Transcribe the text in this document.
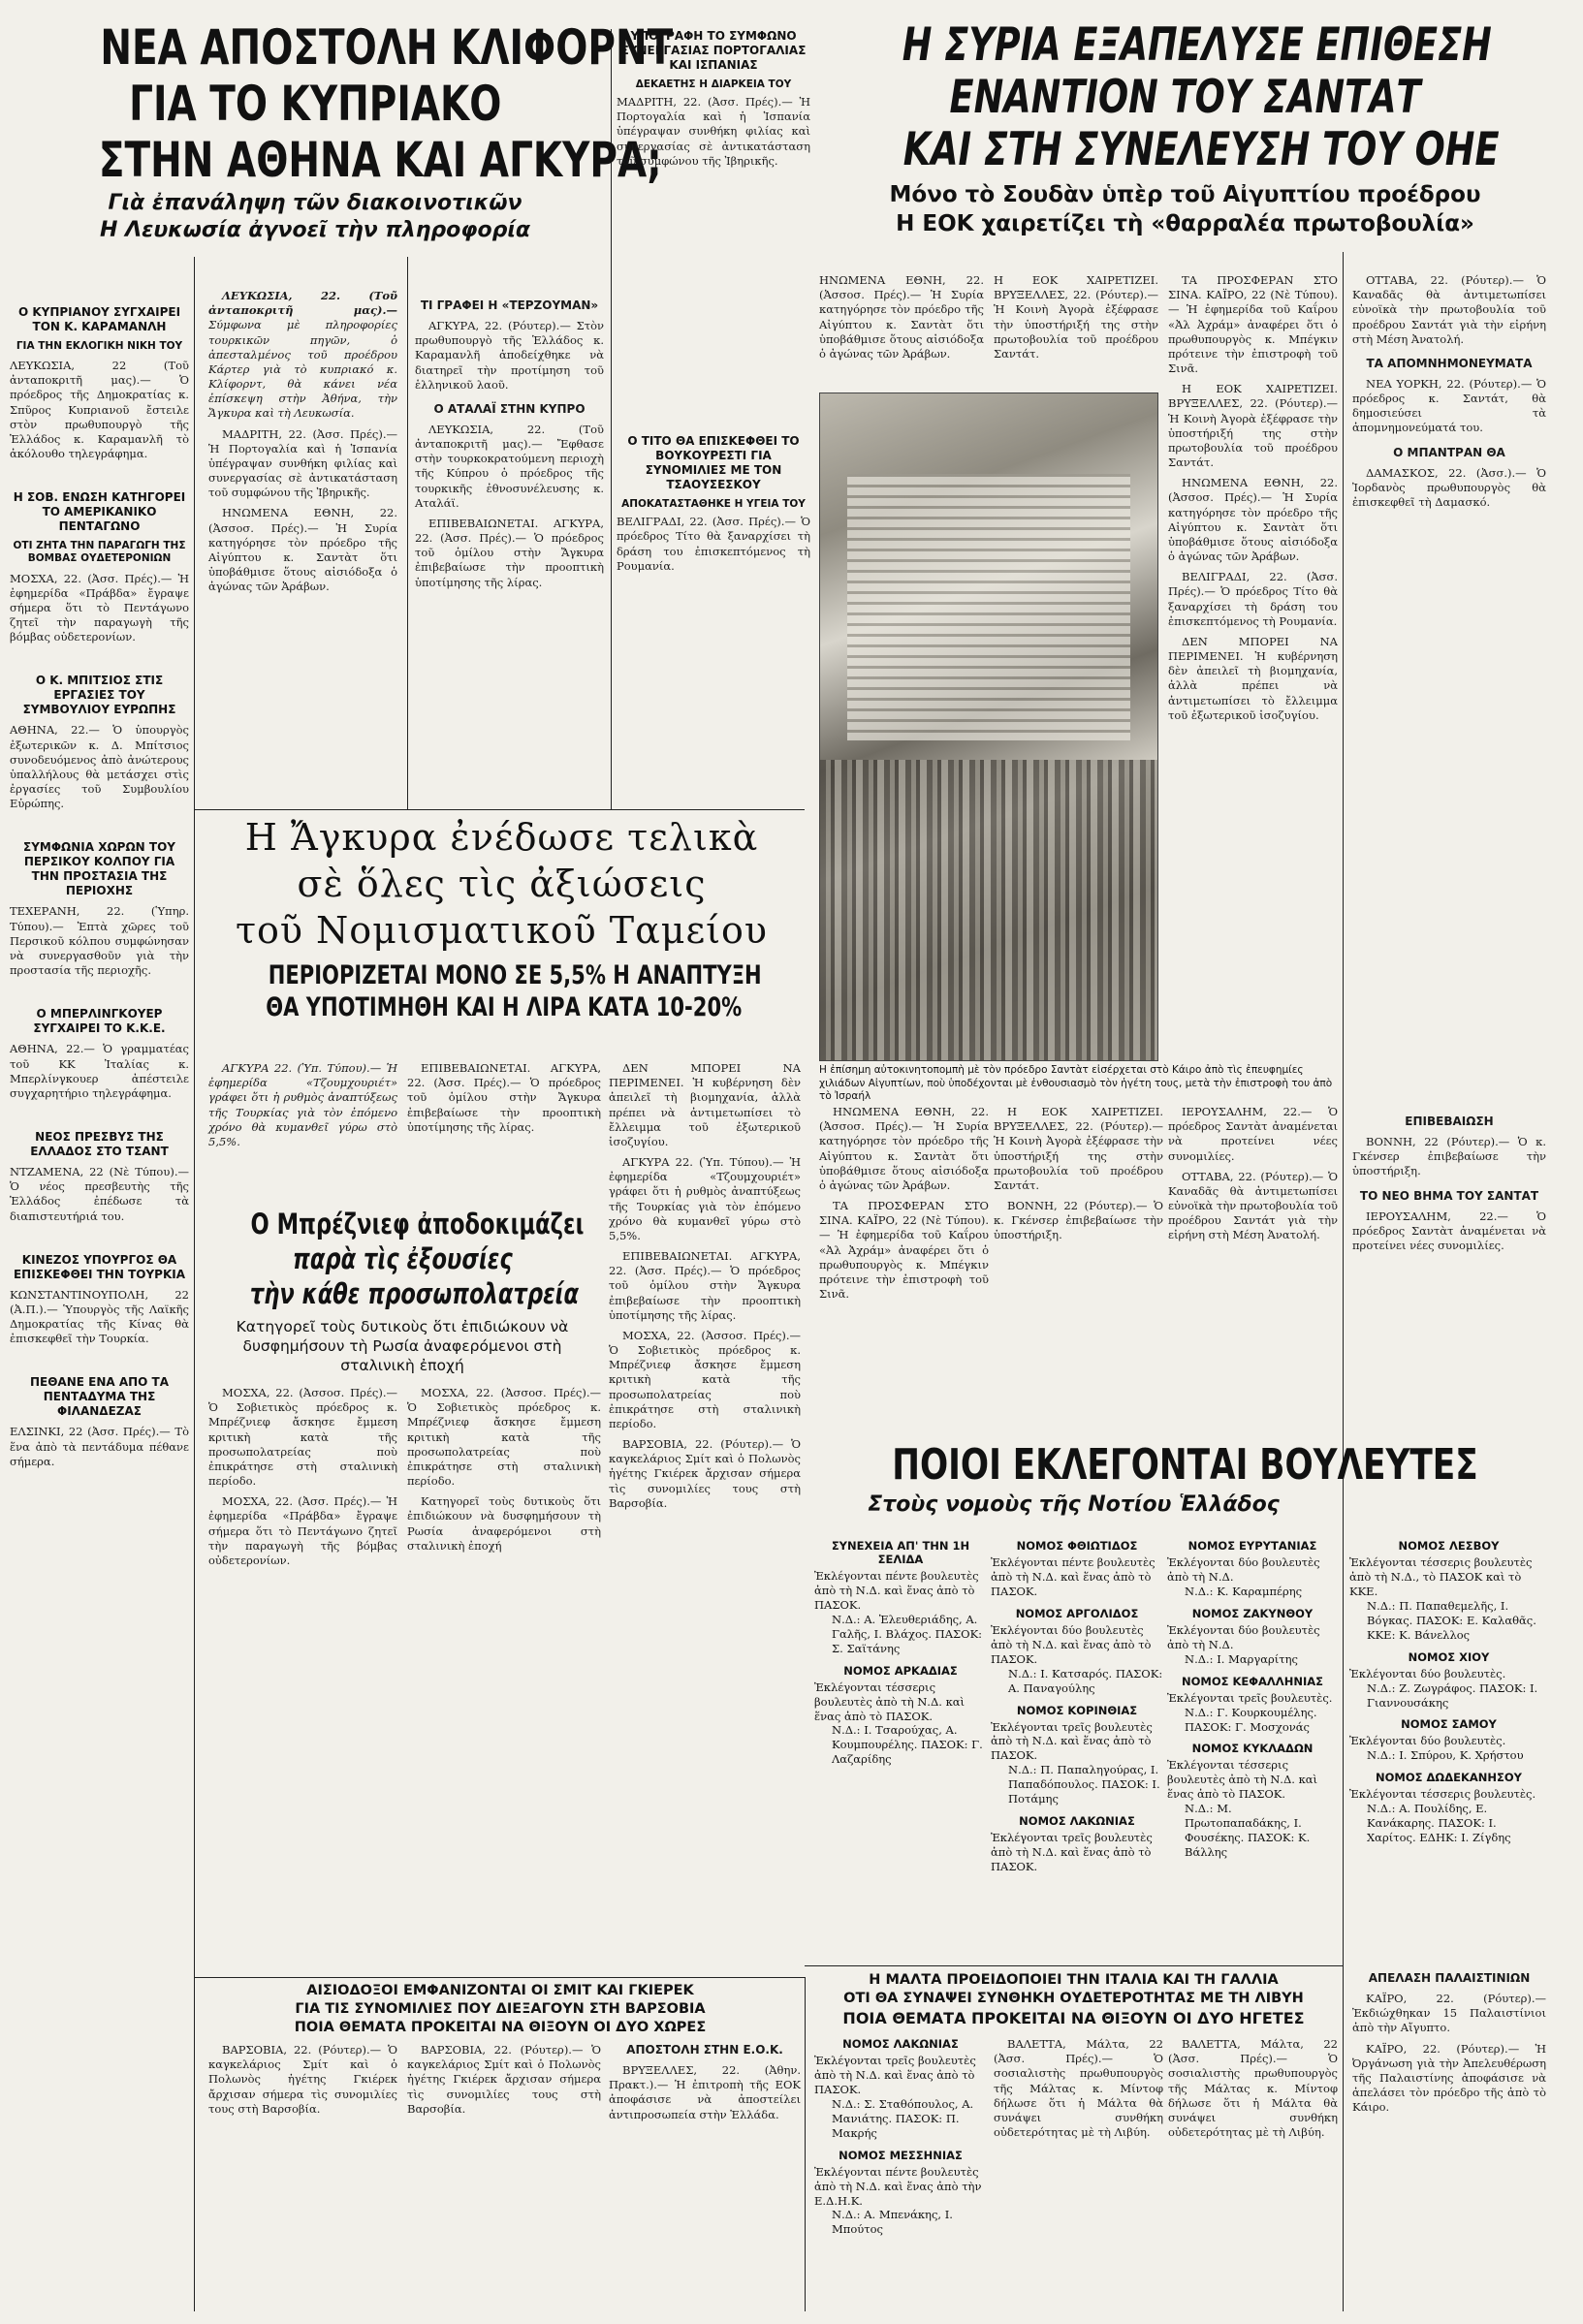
ΝΕΑ ΑΠΟΣΤΟΛΗ ΚΛΙΦΟΡΝΤ
ΓΙΑ ΤΟ ΚΥΠΡΙΑΚΟ
ΣΤΗΝ ΑΘΗΝΑ ΚΑΙ ΑΓΚΥΡΑ;
Γιὰ ἐπανάληψη τῶν διακοινοτικῶν
Η Λευκωσία ἀγνοεῖ τὴν πληροφορία

ΛΕΥΚΩΣΙΑ, 22. (Τοῦ ἀνταποκριτῆ μας).— Σύμφωνα μὲ πληροφορίες τουρκικῶν πηγῶν, ὁ ἀπεσταλμένος τοῦ προέδρου Κάρτερ γιὰ τὸ κυπριακό κ. Κλίφορντ, θὰ κάνει νέα ἐπίσκεψη στὴν Ἀθήνα, τὴν Ἄγκυρα καὶ τὴ Λευκωσία.

ΜΑΔΡΙΤΗ, 22. (Ἀσσ. Πρές).— Ἡ Πορτογαλία καὶ ἡ Ἱσπανία ὑπέγραψαν συνθήκη φιλίας καὶ συνεργασίας σὲ ἀντικατάσταση τοῦ συμφώνου τῆς Ἰβηρικῆς.

ΗΝΩΜΕΝΑ ΕΘΝΗ, 22. (Ἀσσοσ. Πρές).— Ἡ Συρία κατηγόρησε τὸν πρόεδρο τῆς Αἰγύπτου κ. Σαντὰτ ὅτι ὑποβάθμισε ὅτους αἰσιόδοξα ὁ ἀγώνας τῶν Ἀράβων.

ΤΙ ΓΡΑΦΕΙ Η «ΤΕΡΖΟΥΜΑΝ»

ΑΓΚΥΡΑ, 22. (Ρόυτερ).— Στὸν πρωθυπουργὸ τῆς Ἑλλάδος κ. Καραμανλῆ ἀποδείχθηκε νὰ διατηρεῖ τὴν προτίμηση τοῦ ἑλληνικοῦ λαοῦ.

Ο ΑΤΑΛΑΪ ΣΤΗΝ ΚΥΠΡΟ

ΛΕΥΚΩΣΙΑ, 22. (Τοῦ ἀνταποκριτῆ μας).— Ἔφθασε στὴν τουρκοκρατούμενη περιοχὴ τῆς Κύπρου ὁ πρόεδρος τῆς τουρκικῆς ἐθνοσυνέλευσης κ. Αταλάϊ.

ΕΠΙΒΕΒΑΙΩΝΕΤΑΙ. ΑΓΚΥΡΑ, 22. (Ἀσσ. Πρές).— Ὁ πρόεδρος τοῦ ὁμίλου στὴν Ἄγκυρα ἐπιβεβαίωσε τὴν προοπτικὴ ὑποτίμησης τῆς λίρας.

Ο ΚΥΠΡΙΑΝΟΥ ΣΥΓΧΑΙΡΕΙ ΤΟΝ Κ. ΚΑΡΑΜΑΝΛΗ
ΓΙΑ ΤΗΝ ΕΚΛΟΓΙΚΗ ΝΙΚΗ ΤΟΥ
ΛΕΥΚΩΣΙΑ, 22 (Τοῦ ἀνταποκριτῆ μας).— Ὁ πρόεδρος τῆς Δημοκρατίας κ. Σπῦρος Κυπριανοῦ ἔστειλε στὸν πρωθυπουργὸ τῆς Ἑλλάδος κ. Καραμανλῆ τὸ ἀκόλουθο τηλεγράφημα.
Η ΣΟΒ. ΕΝΩΣΗ ΚΑΤΗΓΟΡΕΙ ΤΟ ΑΜΕΡΙΚΑΝΙΚΟ ΠΕΝΤΑΓΩΝΟ
ΟΤΙ ΖΗΤΑ ΤΗΝ ΠΑΡΑΓΩΓΗ ΤΗΣ ΒΟΜΒΑΣ ΟΥΔΕΤΕΡΟΝΙΩΝ
ΜΟΣΧΑ, 22. (Ἀσσ. Πρές).— Ἡ ἐφημερίδα «Πράβδα» ἔγραψε σήμερα ὅτι τὸ Πεντάγωνο ζητεῖ τὴν παραγωγὴ τῆς βόμβας οὐδετερονίων.
Ο Κ. ΜΠΙΤΣΙΟΣ ΣΤΙΣ ΕΡΓΑΣΙΕΣ ΤΟΥ ΣΥΜΒΟΥΛΙΟΥ ΕΥΡΩΠΗΣ
ΑΘΗΝΑ, 22.— Ὁ ὑπουργὸς ἐξωτερικῶν κ. Δ. Μπίτσιος συνοδευόμενος ἀπὸ ἀνώτερους ὑπαλλήλους θὰ μετάσχει στὶς ἐργασίες τοῦ Συμβουλίου Εὐρώπης.
ΣΥΜΦΩΝΙΑ ΧΩΡΩΝ ΤΟΥ ΠΕΡΣΙΚΟΥ ΚΟΛΠΟΥ ΓΙΑ ΤΗΝ ΠΡΟΣΤΑΣΙΑ ΤΗΣ ΠΕΡΙΟΧΗΣ
ΤΕΧΕΡΑΝΗ, 22. (Ὑπηρ. Τύπου).— Ἑπτὰ χῶρες τοῦ Περσικοῦ κόλπου συμφώνησαν νὰ συνεργασθοῦν γιὰ τὴν προστασία τῆς περιοχῆς.
Ο ΜΠΕΡΛΙΝΓΚΟΥΕΡ ΣΥΓΧΑΙΡΕΙ ΤΟ Κ.Κ.Ε.
ΑΘΗΝΑ, 22.— Ὁ γραμματέας τοῦ ΚΚ Ἰταλίας κ. Μπερλίνγκουερ ἀπέστειλε συγχαρητήριο τηλεγράφημα.
ΝΕΟΣ ΠΡΕΣΒΥΣ ΤΗΣ ΕΛΛΑΔΟΣ ΣΤΟ ΤΣΑΝΤ
ΝΤΖΑΜΕΝΑ, 22 (Νὲ Τύπου).— Ὁ νέος πρεσβευτὴς τῆς Ἑλλάδος ἐπέδωσε τὰ διαπιστευτήριά του.
ΚΙΝΕΖΟΣ ΥΠΟΥΡΓΟΣ ΘΑ ΕΠΙΣΚΕΦΘΕΙ ΤΗΝ ΤΟΥΡΚΙΑ
ΚΩΝΣΤΑΝΤΙΝΟΥΠΟΛΗ, 22 (Ἀ.Π.).— Ὑπουργὸς τῆς Λαϊκῆς Δημοκρατίας τῆς Κίνας θὰ ἐπισκεφθεῖ τὴν Τουρκία.
ΠΕΘΑΝΕ ΕΝΑ ΑΠΟ ΤΑ ΠΕΝΤΑΔΥΜΑ ΤΗΣ ΦΙΛΑΝΔΕΖΑΣ
ΕΛΣΙΝΚΙ, 22 (Ἀσσ. Πρές).— Τὸ ἕνα ἀπὸ τὰ πεντάδυμα πέθανε σήμερα.
ΥΠΟΓΡΑΦΗ ΤΟ ΣΥΜΦΩΝΟ ΣΥΝΕΡΓΑΣΙΑΣ ΠΟΡΤΟΓΑΛΙΑΣ ΚΑΙ ΙΣΠΑΝΙΑΣ
ΔΕΚΑΕΤΗΣ Η ΔΙΑΡΚΕΙΑ ΤΟΥ
ΜΑΔΡΙΤΗ, 22. (Ἀσσ. Πρές).— Ἡ Πορτογαλία καὶ ἡ Ἱσπανία ὑπέγραψαν συνθήκη φιλίας καὶ συνεργασίας σὲ ἀντικατάσταση τοῦ συμφώνου τῆς Ἰβηρικῆς.
Ο ΤΙΤΟ ΘΑ ΕΠΙΣΚΕΦΘΕΙ ΤΟ ΒΟΥΚΟΥΡΕΣΤΙ ΓΙΑ ΣΥΝΟΜΙΛΙΕΣ ΜΕ ΤΟΝ ΤΣΑΟΥΣΕΣΚΟΥ
ΑΠΟΚΑΤΑΣΤΑΘΗΚΕ Η ΥΓΕΙΑ ΤΟΥ
ΒΕΛΙΓΡΑΔΙ, 22. (Ἀσσ. Πρές).— Ὁ πρόεδρος Τίτο θὰ ξαναρχίσει τὴ δράση του ἐπισκεπτόμενος τὴ Ρουμανία.
Η ΣΥΡΙΑ ΕΞΑΠΕΛΥΣΕ ΕΠΙΘΕΣΗ
ΕΝΑΝΤΙΟΝ ΤΟΥ ΣΑΝΤΑΤ
ΚΑΙ ΣΤΗ ΣΥΝΕΛΕΥΣΗ ΤΟΥ ΟΗΕ
Μόνο τὸ Σουδὰν ὑπὲρ τοῦ Αἰγυπτίου προέδρου
Η ΕΟΚ χαιρετίζει τὴ «θαρραλέα πρωτοβουλία»
ΗΝΩΜΕΝΑ ΕΘΝΗ, 22. (Ἀσσοσ. Πρές).— Ἡ Συρία κατηγόρησε τὸν πρόεδρο τῆς Αἰγύπτου κ. Σαντὰτ ὅτι ὑποβάθμισε ὅτους αἰσιόδοξα ὁ ἀγώνας τῶν Ἀράβων.
Η ΕΟΚ ΧΑΙΡΕΤΙΖΕΙ. ΒΡΥΞΕΛΛΕΣ, 22. (Ρόυτερ).— Ἡ Κοινὴ Ἀγορὰ ἐξέφρασε τὴν ὑποστήριξή της στὴν πρωτοβουλία τοῦ προέδρου Σαντάτ.

ΤΑ ΠΡΟΣΦΕΡΑΝ ΣΤΟ ΣΙΝΑ. ΚΑΪΡΟ, 22 (Νὲ Τύπου).— Ἡ ἐφημερίδα τοῦ Καΐρου «Ἀλ Ἀχράμ» ἀναφέρει ὅτι ὁ πρωθυπουργὸς κ. Μπέγκιν πρότεινε τὴν ἐπιστροφὴ τοῦ Σινᾶ.

Η ΕΟΚ ΧΑΙΡΕΤΙΖΕΙ. ΒΡΥΞΕΛΛΕΣ, 22. (Ρόυτερ).— Ἡ Κοινὴ Ἀγορὰ ἐξέφρασε τὴν ὑποστήριξή της στὴν πρωτοβουλία τοῦ προέδρου Σαντάτ.

ΗΝΩΜΕΝΑ ΕΘΝΗ, 22. (Ἀσσοσ. Πρές).— Ἡ Συρία κατηγόρησε τὸν πρόεδρο τῆς Αἰγύπτου κ. Σαντὰτ ὅτι ὑποβάθμισε ὅτους αἰσιόδοξα ὁ ἀγώνας τῶν Ἀράβων.

ΒΕΛΙΓΡΑΔΙ, 22. (Ἀσσ. Πρές).— Ὁ πρόεδρος Τίτο θὰ ξαναρχίσει τὴ δράση του ἐπισκεπτόμενος τὴ Ρουμανία.

ΔΕΝ ΜΠΟΡΕΙ ΝΑ ΠΕΡΙΜΕΝΕΙ. Ἡ κυβέρνηση δὲν ἀπειλεῖ τὴ βιομηχανία, ἀλλὰ πρέπει νὰ ἀντιμετωπίσει τὸ ἔλλειμμα τοῦ ἐξωτερικοῦ ἰσοζυγίου.

ΟΤΤΑΒΑ, 22. (Ρόυτερ).— Ὁ Καναδᾶς θὰ ἀντιμετωπίσει εὐνοϊκὰ τὴν πρωτοβουλία τοῦ προέδρου Σαντάτ γιὰ τὴν εἰρήνη στὴ Μέση Ἀνατολή.

ΤΑ ΑΠΟΜΝΗΜΟΝΕΥΜΑΤΑ

ΝΕΑ ΥΟΡΚΗ, 22. (Ρόυτερ).— Ὁ πρόεδρος κ. Σαντάτ, θὰ δημοσιεύσει τὰ ἀπομνημονεύματά του.

Ο ΜΠΑΝΤΡΑΝ ΘΑ

ΔΑΜΑΣΚΟΣ, 22. (Ἀσσ.).— Ὁ Ἰορδανὸς πρωθυπουργὸς θὰ ἐπισκεφθεῖ τὴ Δαμασκό.

Η ἐπίσημη αὐτοκινητοπομπὴ μὲ τὸν πρόεδρο Σαντὰτ εἰσέρχεται στὸ Κάιρο ἀπὸ τὶς ἐπευφημίες χιλιάδων Αἰγυπτίων, ποὺ ὑποδέχονται μὲ ἐνθουσιασμὸ τὸν ἡγέτη τους, μετὰ τὴν ἐπιστροφὴ του ἀπὸ τὸ Ἰσραήλ

ΗΝΩΜΕΝΑ ΕΘΝΗ, 22. (Ἀσσοσ. Πρές).— Ἡ Συρία κατηγόρησε τὸν πρόεδρο τῆς Αἰγύπτου κ. Σαντὰτ ὅτι ὑποβάθμισε ὅτους αἰσιόδοξα ὁ ἀγώνας τῶν Ἀράβων.

ΤΑ ΠΡΟΣΦΕΡΑΝ ΣΤΟ ΣΙΝΑ. ΚΑΪΡΟ, 22 (Νὲ Τύπου).— Ἡ ἐφημερίδα τοῦ Καΐρου «Ἀλ Ἀχράμ» ἀναφέρει ὅτι ὁ πρωθυπουργὸς κ. Μπέγκιν πρότεινε τὴν ἐπιστροφὴ τοῦ Σινᾶ.

Η ΕΟΚ ΧΑΙΡΕΤΙΖΕΙ. ΒΡΥΞΕΛΛΕΣ, 22. (Ρόυτερ).— Ἡ Κοινὴ Ἀγορὰ ἐξέφρασε τὴν ὑποστήριξή της στὴν πρωτοβουλία τοῦ προέδρου Σαντάτ.

ΒΟΝΝΗ, 22 (Ρόυτερ).— Ὁ κ. Γκένσερ ἐπιβεβαίωσε τὴν ὑποστήριξη.

ΙΕΡΟΥΣΑΛΗΜ, 22.— Ὁ πρόεδρος Σαντὰτ ἀναμένεται νὰ προτείνει νέες συνομιλίες.

ΟΤΤΑΒΑ, 22. (Ρόυτερ).— Ὁ Καναδᾶς θὰ ἀντιμετωπίσει εὐνοϊκὰ τὴν πρωτοβουλία τοῦ προέδρου Σαντάτ γιὰ τὴν εἰρήνη στὴ Μέση Ἀνατολή.

ΕΠΙΒΕΒΑΙΩΣΗ

ΒΟΝΝΗ, 22 (Ρόυτερ).— Ὁ κ. Γκένσερ ἐπιβεβαίωσε τὴν ὑποστήριξη.

ΤΟ ΝΕΟ ΒΗΜΑ ΤΟΥ ΣΑΝΤΑΤ

ΙΕΡΟΥΣΑΛΗΜ, 22.— Ὁ πρόεδρος Σαντὰτ ἀναμένεται νὰ προτείνει νέες συνομιλίες.

Η Ἄγκυρα ἐνέδωσε τελικὰ
σὲ ὅλες τὶς ἀξιώσεις
τοῦ Νομισματικοῦ Ταμείου
ΠΕΡΙΟΡΙΖΕΤΑΙ ΜΟΝΟ ΣΕ 5,5% Η ΑΝΑΠΤΥΞΗ
ΘΑ ΥΠΟΤΙΜΗΘΗ ΚΑΙ Η ΛΙΡΑ ΚΑΤΑ 10-20%

ΑΓΚΥΡΑ 22. (Ὑπ. Τύπου).— Ἡ ἐφημερίδα «Τζουμχουριέτ» γράφει ὅτι ἡ ρυθμὸς ἀναπτύξεως τῆς Τουρκίας γιὰ τὸν ἐπόμενο χρόνο θὰ κυμανθεῖ γύρω στὸ 5,5%.

ΕΠΙΒΕΒΑΙΩΝΕΤΑΙ. ΑΓΚΥΡΑ, 22. (Ἀσσ. Πρές).— Ὁ πρόεδρος τοῦ ὁμίλου στὴν Ἄγκυρα ἐπιβεβαίωσε τὴν προοπτικὴ ὑποτίμησης τῆς λίρας.

ΔΕΝ ΜΠΟΡΕΙ ΝΑ ΠΕΡΙΜΕΝΕΙ. Ἡ κυβέρνηση δὲν ἀπειλεῖ τὴ βιομηχανία, ἀλλὰ πρέπει νὰ ἀντιμετωπίσει τὸ ἔλλειμμα τοῦ ἐξωτερικοῦ ἰσοζυγίου.

ΑΓΚΥΡΑ 22. (Ὑπ. Τύπου).— Ἡ ἐφημερίδα «Τζουμχουριέτ» γράφει ὅτι ἡ ρυθμὸς ἀναπτύξεως τῆς Τουρκίας γιὰ τὸν ἐπόμενο χρόνο θὰ κυμανθεῖ γύρω στὸ 5,5%.

ΕΠΙΒΕΒΑΙΩΝΕΤΑΙ. ΑΓΚΥΡΑ, 22. (Ἀσσ. Πρές).— Ὁ πρόεδρος τοῦ ὁμίλου στὴν Ἄγκυρα ἐπιβεβαίωσε τὴν προοπτικὴ ὑποτίμησης τῆς λίρας.

ΜΟΣΧΑ, 22. (Ἀσσοσ. Πρές).— Ὁ Σοβιετικὸς πρόεδρος κ. Μπρέζνιεφ ἄσκησε ἔμμεση κριτικὴ κατὰ τῆς προσωπολατρείας ποὺ ἐπικράτησε στὴ σταλινικὴ περίοδο.

ΒΑΡΣΟΒΙΑ, 22. (Ρόυτερ).— Ὁ καγκελάριος Σμίτ καὶ ὁ Πολωνὸς ἡγέτης Γκιέρεκ ἄρχισαν σήμερα τὶς συνομιλίες τους στὴ Βαρσοβία.

Ο Μπρέζνιεφ ἀποδοκιμάζει
παρὰ τὶς ἐξουσίες
τὴν κάθε προσωπολατρεία
Κατηγορεῖ τοὺς δυτικοὺς ὅτι ἐπιδιώκουν νὰ δυσφημήσουν τὴ Ρωσία ἀναφερόμενοι στὴ σταλινικὴ ἐποχή

ΜΟΣΧΑ, 22. (Ἀσσοσ. Πρές).— Ὁ Σοβιετικὸς πρόεδρος κ. Μπρέζνιεφ ἄσκησε ἔμμεση κριτικὴ κατὰ τῆς προσωπολατρείας ποὺ ἐπικράτησε στὴ σταλινικὴ περίοδο.

ΜΟΣΧΑ, 22. (Ἀσσ. Πρές).— Ἡ ἐφημερίδα «Πράβδα» ἔγραψε σήμερα ὅτι τὸ Πεντάγωνο ζητεῖ τὴν παραγωγὴ τῆς βόμβας οὐδετερονίων.

ΜΟΣΧΑ, 22. (Ἀσσοσ. Πρές).— Ὁ Σοβιετικὸς πρόεδρος κ. Μπρέζνιεφ ἄσκησε ἔμμεση κριτικὴ κατὰ τῆς προσωπολατρείας ποὺ ἐπικράτησε στὴ σταλινικὴ περίοδο.

Κατηγορεῖ τοὺς δυτικοὺς ὅτι ἐπιδιώκουν νὰ δυσφημήσουν τὴ Ρωσία ἀναφερόμενοι στὴ σταλινικὴ ἐποχή

ΑΙΣΙΟΔΟΞΟΙ ΕΜΦΑΝΙΖΟΝΤΑΙ ΟΙ ΣΜΙΤ ΚΑΙ ΓΚΙΕΡΕΚ
ΓΙΑ ΤΙΣ ΣΥΝΟΜΙΛΙΕΣ ΠΟΥ ΔΙΕΞΑΓΟΥΝ ΣΤΗ ΒΑΡΣΟΒΙΑ
ΠΟΙΑ ΘΕΜΑΤΑ ΠΡΟΚΕΙΤΑΙ ΝΑ ΘΙΞΟΥΝ ΟΙ ΔΥΟ ΧΩΡΕΣ

ΒΑΡΣΟΒΙΑ, 22. (Ρόυτερ).— Ὁ καγκελάριος Σμίτ καὶ ὁ Πολωνὸς ἡγέτης Γκιέρεκ ἄρχισαν σήμερα τὶς συνομιλίες τους στὴ Βαρσοβία.

ΒΑΡΣΟΒΙΑ, 22. (Ρόυτερ).— Ὁ καγκελάριος Σμίτ καὶ ὁ Πολωνὸς ἡγέτης Γκιέρεκ ἄρχισαν σήμερα τὶς συνομιλίες τους στὴ Βαρσοβία.

ΑΠΟΣΤΟΛΗ ΣΤΗΝ Ε.Ο.Κ.

ΒΡΥΞΕΛΛΕΣ, 22. (Ἀθην. Πρακτ.).— Ἡ ἐπιτροπὴ τῆς ΕΟΚ ἀποφάσισε νὰ ἀποστείλει ἀντιπροσωπεία στὴν Ἑλλάδα.

ΠΟΙΟΙ ΕΚΛΕΓΟΝΤΑΙ ΒΟΥΛΕΥΤΕΣ
Στοὺς νομοὺς τῆς Νοτίου Ἑλλάδος
ΣΥΝΕΧΕΙΑ ΑΠ' ΤΗΝ 1Η ΣΕΛΙΔΑ
Ἐκλέγονται πέντε βουλευτὲς ἀπὸ τὴ Ν.Δ. καὶ ἕνας ἀπὸ τὸ ΠΑΣΟΚ.
Ν.Δ.: Α. Ἐλευθεριάδης, Α. Γαλῆς, Ι. Βλάχος. ΠΑΣΟΚ: Σ. Σαϊτάνης
ΝΟΜΟΣ ΑΡΚΑΔΙΑΣ
Ἐκλέγονται τέσσερις βουλευτὲς ἀπὸ τὴ Ν.Δ. καὶ ἕνας ἀπὸ τὸ ΠΑΣΟΚ.
Ν.Δ.: Ι. Τσαρούχας, Α. Κουμπουρέλης. ΠΑΣΟΚ: Γ. Λαζαρίδης
ΝΟΜΟΣ ΦΘΙΩΤΙΔΟΣ
Ἐκλέγονται πέντε βουλευτὲς ἀπὸ τὴ Ν.Δ. καὶ ἕνας ἀπὸ τὸ ΠΑΣΟΚ.
ΝΟΜΟΣ ΑΡΓΟΛΙΔΟΣ
Ἐκλέγονται δύο βουλευτὲς ἀπὸ τὴ Ν.Δ. καὶ ἕνας ἀπὸ τὸ ΠΑΣΟΚ.
Ν.Δ.: Ι. Κατσαρός. ΠΑΣΟΚ: Α. Παναγούλης
ΝΟΜΟΣ ΚΟΡΙΝΘΙΑΣ
Ἐκλέγονται τρεῖς βουλευτὲς ἀπὸ τὴ Ν.Δ. καὶ ἕνας ἀπὸ τὸ ΠΑΣΟΚ.
Ν.Δ.: Π. Παπαληγούρας, Ι. Παπαδόπουλος. ΠΑΣΟΚ: Ι. Ποτάμης
ΝΟΜΟΣ ΛΑΚΩΝΙΑΣ
Ἐκλέγονται τρεῖς βουλευτὲς ἀπὸ τὴ Ν.Δ. καὶ ἕνας ἀπὸ τὸ ΠΑΣΟΚ.
ΝΟΜΟΣ ΕΥΡΥΤΑΝΙΑΣ
Ἐκλέγονται δύο βουλευτὲς ἀπὸ τὴ Ν.Δ.
Ν.Δ.: Κ. Καραμπέρης
ΝΟΜΟΣ ΖΑΚΥΝΘΟΥ
Ἐκλέγονται δύο βουλευτὲς ἀπὸ τὴ Ν.Δ.
Ν.Δ.: Ι. Μαργαρίτης
ΝΟΜΟΣ ΚΕΦΑΛΛΗΝΙΑΣ
Ἐκλέγονται τρεῖς βουλευτὲς.
Ν.Δ.: Γ. Κουρκουμέλης. ΠΑΣΟΚ: Γ. Μοσχονάς
ΝΟΜΟΣ ΚΥΚΛΑΔΩΝ
Ἐκλέγονται τέσσερις βουλευτὲς ἀπὸ τὴ Ν.Δ. καὶ ἕνας ἀπὸ τὸ ΠΑΣΟΚ.
Ν.Δ.: Μ. Πρωτοπαπαδάκης, Ι. Φουσέκης. ΠΑΣΟΚ: Κ. Βάλλης
ΝΟΜΟΣ ΛΕΣΒΟΥ
Ἐκλέγονται τέσσερις βουλευτὲς ἀπὸ τὴ Ν.Δ., τὸ ΠΑΣΟΚ καὶ τὸ ΚΚΕ.
Ν.Δ.: Π. Παπαθεμελῆς, Ι. Βόγκας. ΠΑΣΟΚ: Ε. Καλαθᾶς. ΚΚΕ: Κ. Βάνελλος
ΝΟΜΟΣ ΧΙΟΥ
Ἐκλέγονται δύο βουλευτὲς.
Ν.Δ.: Ζ. Ζωγράφος. ΠΑΣΟΚ: Ι. Γιαννουσάκης
ΝΟΜΟΣ ΣΑΜΟΥ
Ἐκλέγονται δύο βουλευτὲς.
Ν.Δ.: Ι. Σπύρου, Κ. Χρήστου
ΝΟΜΟΣ ΔΩΔΕΚΑΝΗΣΟΥ
Ἐκλέγονται τέσσερις βουλευτὲς.
Ν.Δ.: Α. Πουλίδης, Ε. Κανάκαρης. ΠΑΣΟΚ: Ι. Χαρίτος. ΕΔΗΚ: Ι. Ζίγδης
Η ΜΑΛΤΑ ΠΡΟΕΙΔΟΠΟΙΕΙ ΤΗΝ ΙΤΑΛΙΑ ΚΑΙ ΤΗ ΓΑΛΛΙΑ
ΟΤΙ ΘΑ ΣΥΝΑΨΕΙ ΣΥΝΘΗΚΗ ΟΥΔΕΤΕΡΟΤΗΤΑΣ ΜΕ ΤΗ ΛΙΒΥΗ
ΠΟΙΑ ΘΕΜΑΤΑ ΠΡΟΚΕΙΤΑΙ ΝΑ ΘΙΞΟΥΝ ΟΙ ΔΥΟ ΗΓΕΤΕΣ
ΝΟΜΟΣ ΛΑΚΩΝΙΑΣ
Ἐκλέγονται τρεῖς βουλευτὲς ἀπὸ τὴ Ν.Δ. καὶ ἕνας ἀπὸ τὸ ΠΑΣΟΚ.
Ν.Δ.: Σ. Σταθόπουλος, Α. Μανιάτης. ΠΑΣΟΚ: Π. Μακρής
ΝΟΜΟΣ ΜΕΣΣΗΝΙΑΣ
Ἐκλέγονται πέντε βουλευτὲς ἀπὸ τὴ Ν.Δ. καὶ ἕνας ἀπὸ τὴν Ε.Δ.Η.Κ.
Ν.Δ.: Α. Μπενάκης, Ι. Μπούτος

ΒΑΛΕΤΤΑ, Μάλτα, 22 (Ἀσσ. Πρές).— Ὁ σοσιαλιστὴς πρωθυπουργὸς τῆς Μάλτας κ. Μίντοφ δήλωσε ὅτι ἡ Μάλτα θὰ συνάψει συνθήκη οὐδετερότητας μὲ τὴ Λιβύη.

ΒΑΛΕΤΤΑ, Μάλτα, 22 (Ἀσσ. Πρές).— Ὁ σοσιαλιστὴς πρωθυπουργὸς τῆς Μάλτας κ. Μίντοφ δήλωσε ὅτι ἡ Μάλτα θὰ συνάψει συνθήκη οὐδετερότητας μὲ τὴ Λιβύη.

ΑΠΕΛΑΣΗ ΠΑΛΑΙΣΤΙΝΙΩΝ

ΚΑΪΡΟ, 22. (Ρόυτερ).— Ἐκδιώχθηκαν 15 Παλαιστίνιοι ἀπὸ τὴν Αἴγυπτο.

ΚΑΪΡΟ, 22. (Ρόυτερ).— Ἡ Ὀργάνωση γιὰ τὴν Ἀπελευθέρωση τῆς Παλαιστίνης ἀποφάσισε νὰ ἀπελάσει τὸν πρόεδρο τῆς ἀπὸ τὸ Κάιρο.
